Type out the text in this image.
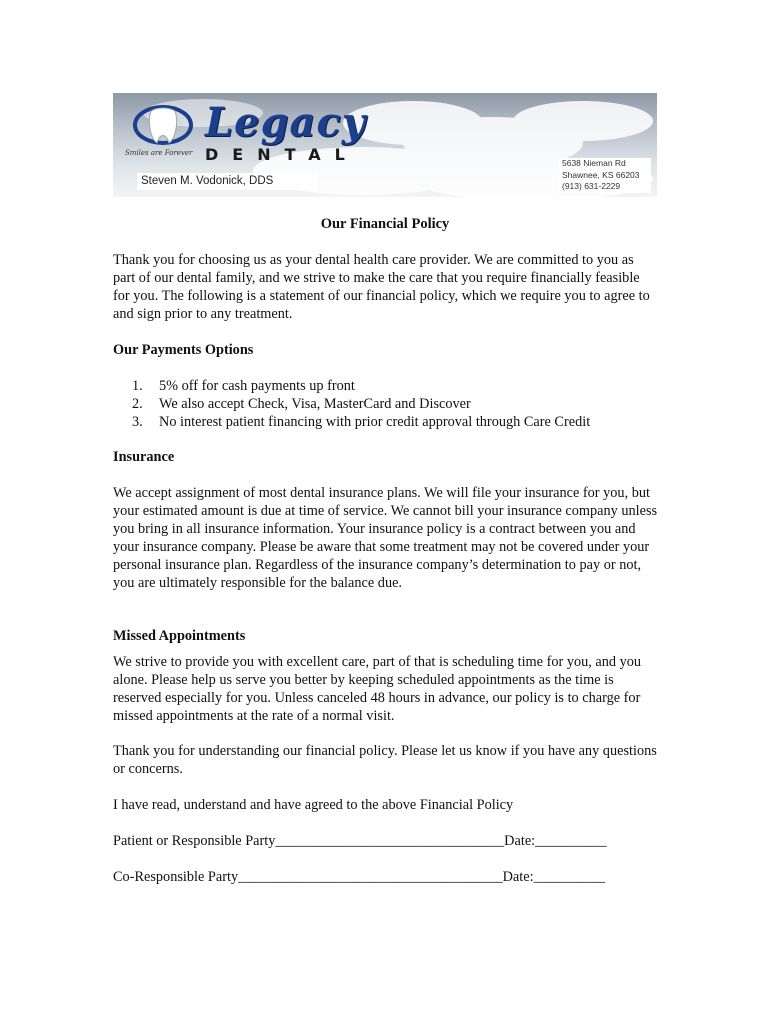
Legacy
DENTAL
Smiles are Forever
Steven M. Vodonick, DDS
5638 Nieman Rd
Shawnee, KS 66203
(913) 631-2229
Our Financial Policy

Thank you for choosing us as your dental health care provider. We are committed to you as part of our dental family, and we strive to make the care that you require financially feasible for you. The following is a statement of our financial policy, which we require you to agree to and sign prior to any treatment.

Our Payments Options
1. 5% off for cash payments up front
2. We also accept Check, Visa, MasterCard and Discover
3. No interest patient financing with prior credit approval through Care Credit
Insurance

We accept assignment of most dental insurance plans. We will file your insurance for you, but your estimated amount is due at time of service. We cannot bill your insurance company unless you bring in all insurance information. Your insurance policy is a contract between you and your insurance company. Please be aware that some treatment may not be covered under your personal insurance plan. Regardless of the insurance company’s determination to pay or not, you are ultimately responsible for the balance due.

Missed Appointments

We strive to provide you with excellent care, part of that is scheduling time for you, and you alone. Please help us serve you better by keeping scheduled appointments as the time is reserved especially for you. Unless canceled 48 hours in advance, our policy is to charge for missed appointments at the rate of a normal visit.

Thank you for understanding our financial policy. Please let us know if you have any questions or concerns.

I have read, understand and have agreed to the above Financial Policy
Patient or Responsible Party________________________________Date:__________
Co-Responsible Party_____________________________________Date:__________
